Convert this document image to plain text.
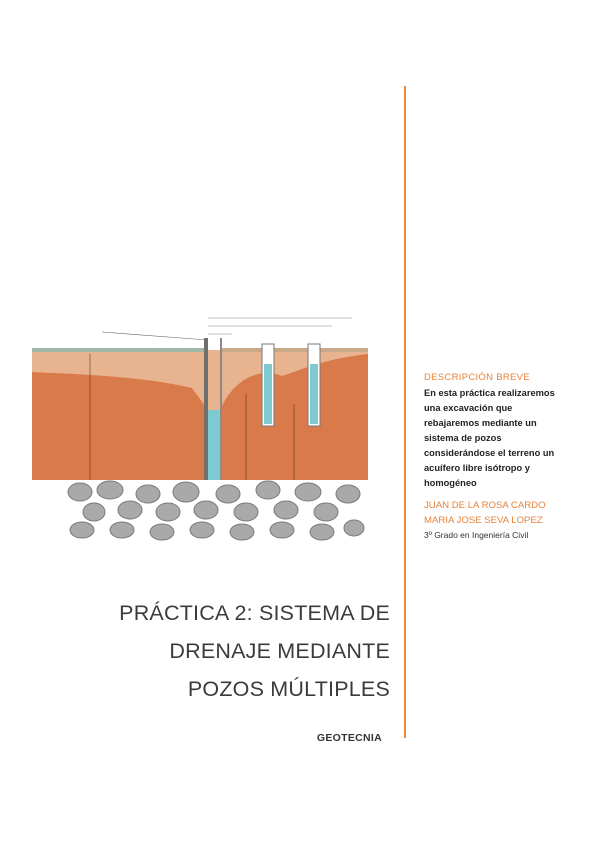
PRÁCTICA 2: SISTEMA DE
DRENAJE MEDIANTE
POZOS MÚLTIPLES
GEOTECNIA
DESCRIPCIÓN BREVE
En esta práctica realizaremos
una excavación que
rebajaremos mediante un
sistema de pozos
considerándose el terreno un
acuífero libre isótropo y
homogéneo
JUAN DE LA ROSA CARDO
MARIA JOSE SEVA LOPEZ
3º Grado en Ingeniería Civil
